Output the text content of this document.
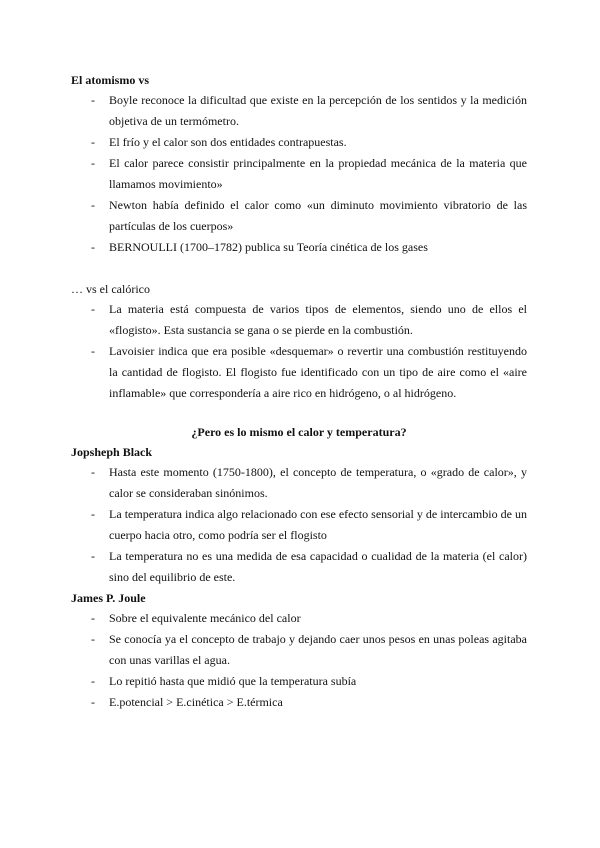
El atomismo vs
- Boyle reconoce la dificultad que existe en la percepción de los sentidos y la medición objetiva de un termómetro.
- El frío y el calor son dos entidades contrapuestas.
- El calor parece consistir principalmente en la propiedad mecánica de la materia que llamamos movimiento»
- Newton había definido el calor como «un diminuto movimiento vibratorio de las partículas de los cuerpos»
- BERNOULLI (1700–1782) publica su Teoría cinética de los gases
… vs el calórico
- La materia está compuesta de varios tipos de elementos, siendo uno de ellos el «flogisto». Esta sustancia se gana o se pierde en la combustión.
- Lavoisier indica que era posible «desquemar» o revertir una combustión restituyendo la cantidad de flogisto. El flogisto fue identificado con un tipo de aire como el «aire inflamable» que correspondería a aire rico en hidrógeno, o al hidrógeno.
¿Pero es lo mismo el calor y temperatura?
Jopsheph Black
- Hasta este momento (1750-1800), el concepto de temperatura, o «grado de calor», y calor se consideraban sinónimos.
- La temperatura indica algo relacionado con ese efecto sensorial y de intercambio de un cuerpo hacia otro, como podría ser el flogisto
- La temperatura no es una medida de esa capacidad o cualidad de la materia (el calor) sino del equilibrio de este.
James P. Joule
- Sobre el equivalente mecánico del calor
- Se conocía ya el concepto de trabajo y dejando caer unos pesos en unas poleas agitaba con unas varillas el agua.
- Lo repitió hasta que midió que la temperatura subía
- E.potencial > E.cinética > E.térmica
